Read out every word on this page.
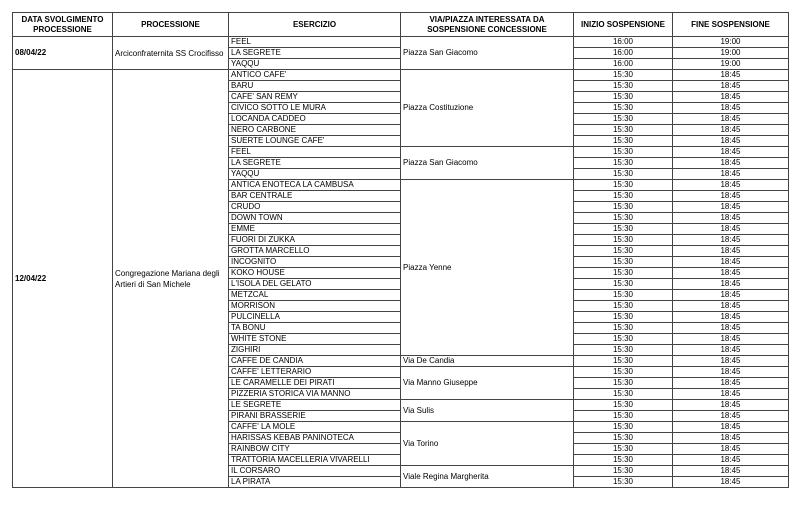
DATA SVOLGIMENTO PROCESSIONE	PROCESSIONE	ESERCIZIO	VIA/PIAZZA INTERESSATA DA SOSPENSIONE CONCESSIONE	INIZIO SOSPENSIONE	FINE SOSPENSIONE
08/04/22	Arciconfraternita SS Crocifisso	FEEL	Piazza San Giacomo	16:00	19:00
		LA SEGRETE		16:00	19:00
		YAQQU		16:00	19:00
12/04/22	Congregazione Mariana degli Artieri di San Michele	ANTICO CAFE'	Piazza Costituzione	15:30	18:45
		BARU		15:30	18:45
		CAFE' SAN REMY		15:30	18:45
		CIVICO SOTTO LE MURA		15:30	18:45
		LOCANDA CADDEO		15:30	18:45
		NERO CARBONE		15:30	18:45
		SUERTE LOUNGE CAFE'		15:30	18:45
		FEEL	Piazza San Giacomo	15:30	18:45
		LA SEGRETE		15:30	18:45
		YAQQU		15:30	18:45
		ANTICA ENOTECA LA CAMBUSA	Piazza Yenne	15:30	18:45
		BAR CENTRALE		15:30	18:45
		CRUDO		15:30	18:45
		DOWN TOWN		15:30	18:45
		EMME		15:30	18:45
		FUORI DI ZUKKA		15:30	18:45
		GROTTA MARCELLO		15:30	18:45
		INCOGNITO		15:30	18:45
		KOKO HOUSE		15:30	18:45
		L'ISOLA DEL GELATO		15:30	18:45
		METZCAL		15:30	18:45
		MORRISON		15:30	18:45
		PULCINELLA		15:30	18:45
		TA BONU		15:30	18:45
		WHITE STONE		15:30	18:45
		ZIGHIRI		15:30	18:45
		CAFFE DE CANDIA	Via De Candia	15:30	18:45
		CAFFE' LETTERARIO	Via Manno Giuseppe	15:30	18:45
		LE CARAMELLE DEI PIRATI		15:30	18:45
		PIZZERIA STORICA VIA MANNO		15:30	18:45
		LE SEGRETE	Via Sulis	15:30	18:45
		PIRANI BRASSERIE		15:30	18:45
		CAFFE' LA MOLE	Via Torino	15:30	18:45
		HARISSAS KEBAB PANINOTECA		15:30	18:45
		RAINBOW CITY		15:30	18:45
		TRATTORIA MACELLERIA VIVARELLI		15:30	18:45
		IL CORSARO	Viale Regina Margherita	15:30	18:45
		LA PIRATA		15:30	18:45
